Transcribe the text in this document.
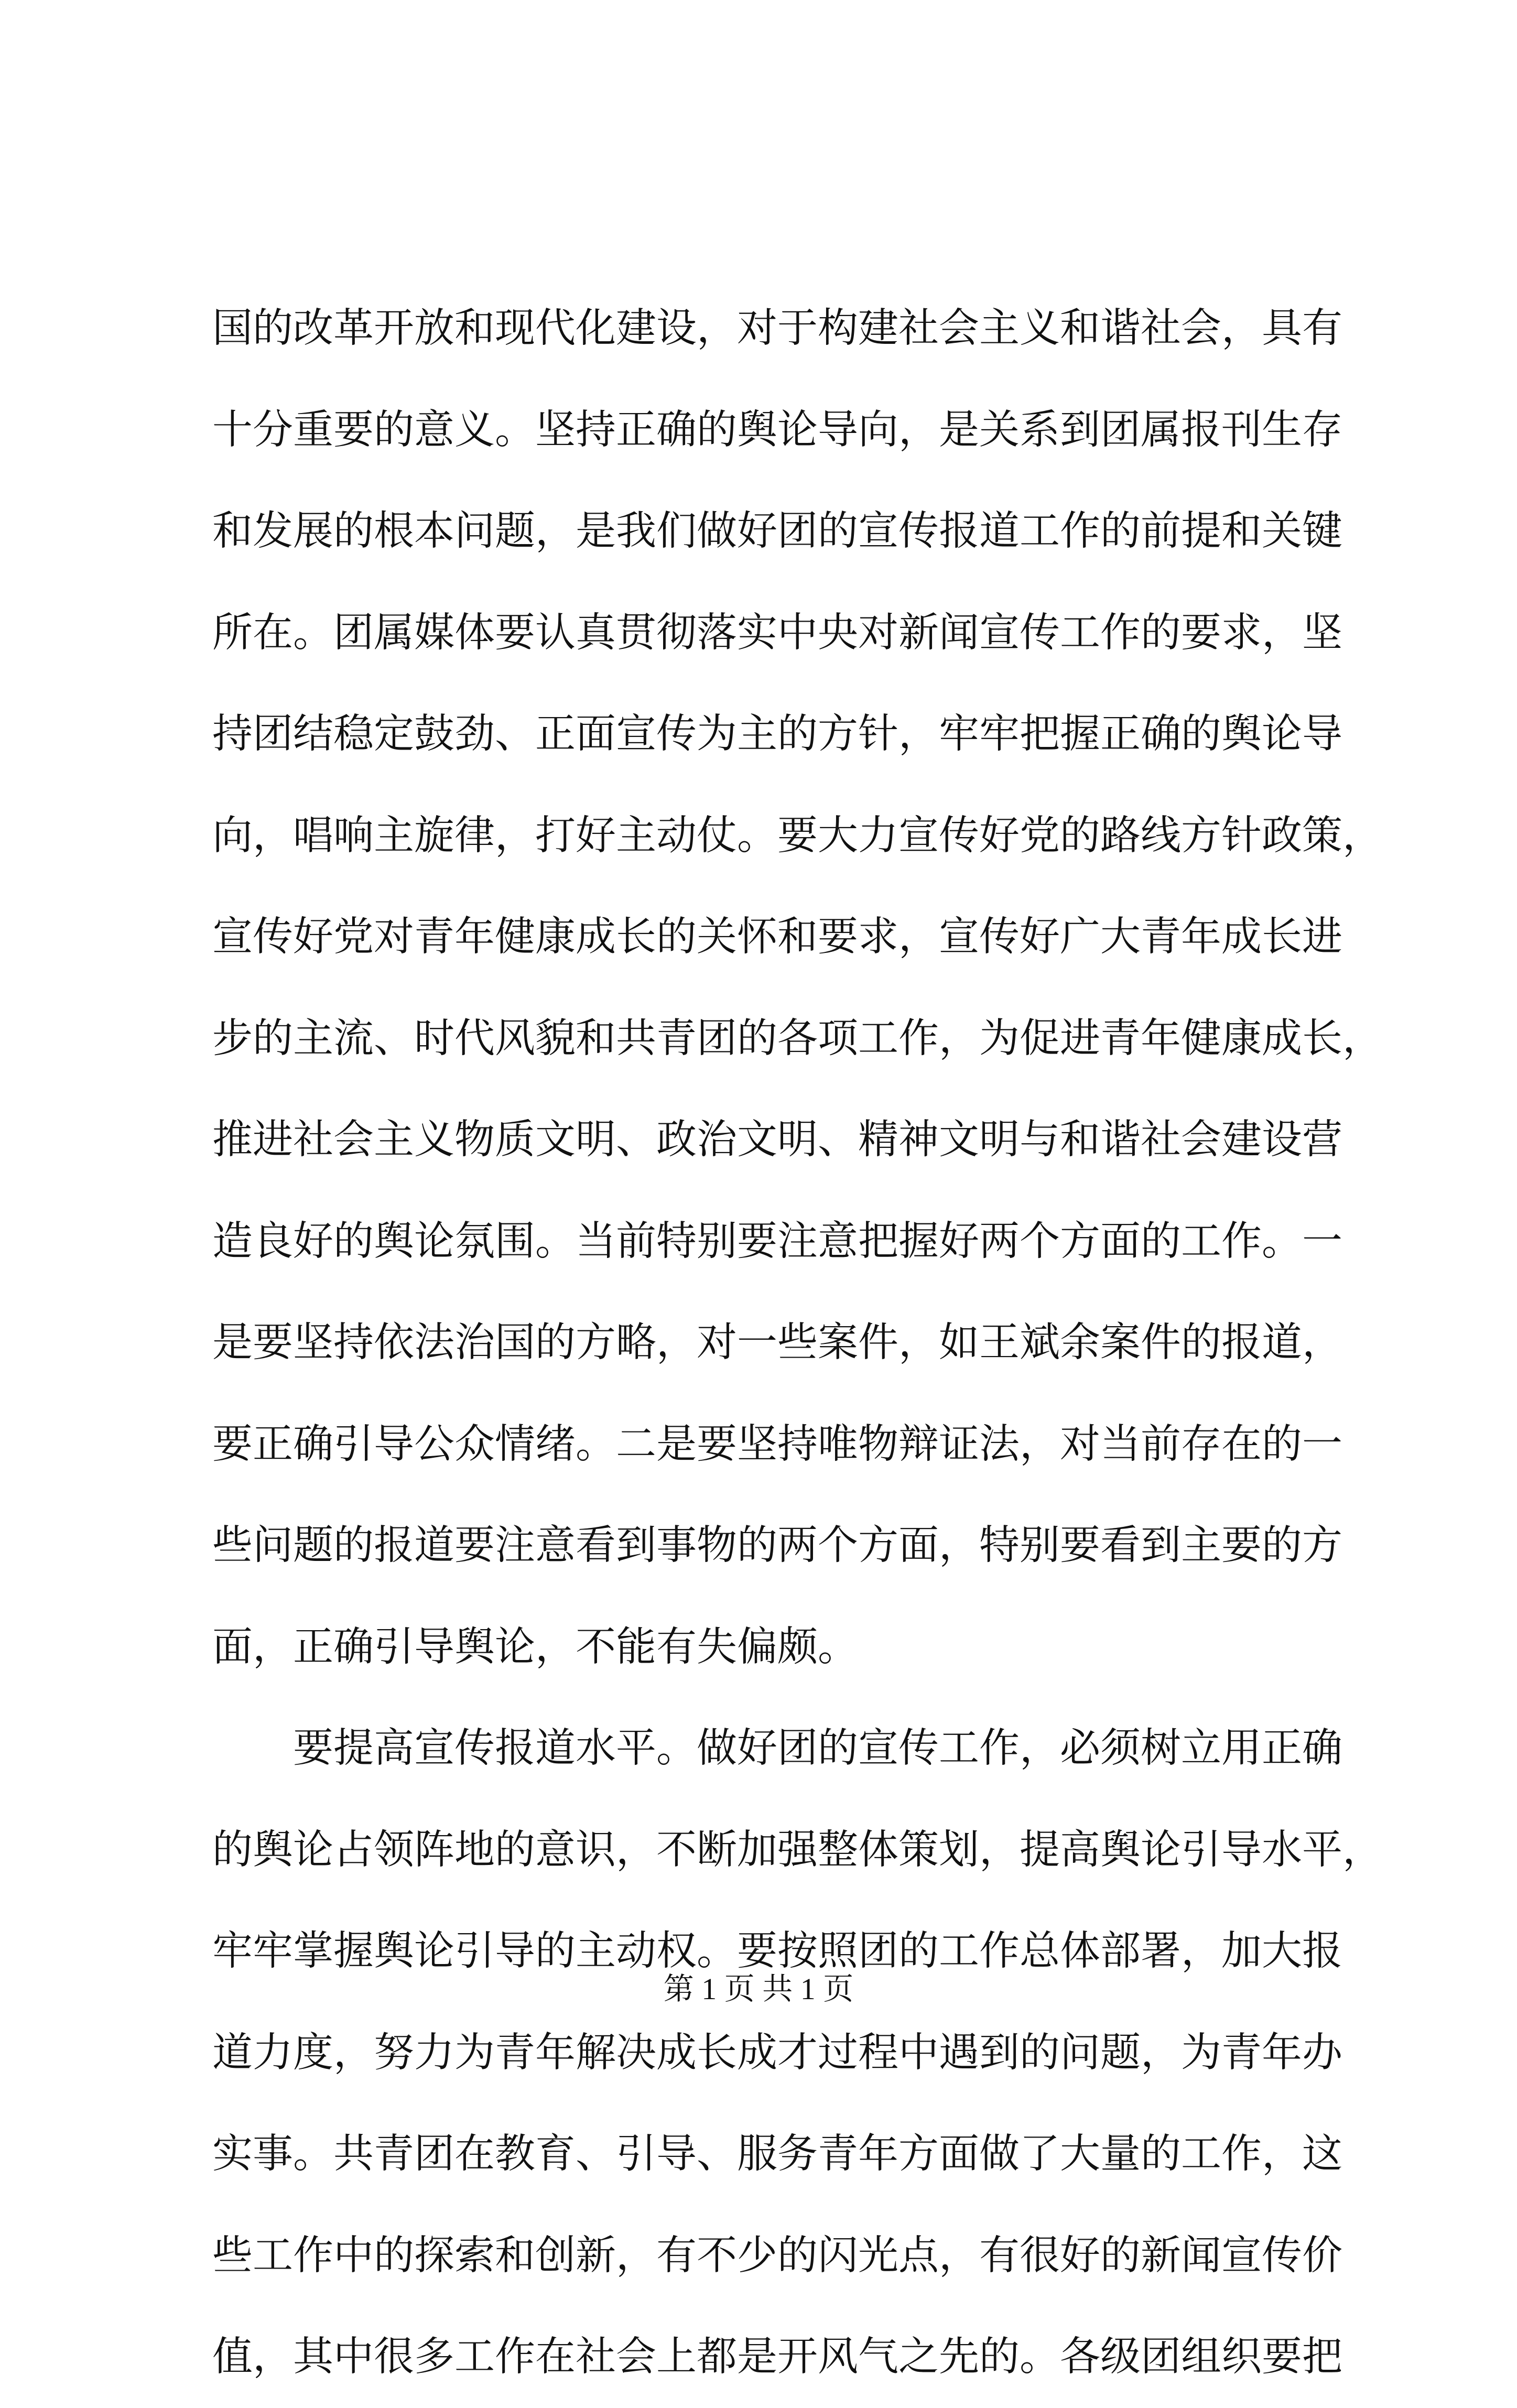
国的改革开放和现代化建设，对于构建社会主义和谐社会，具有
十分重要的意义。坚持正确的舆论导向，是关系到团属报刊生存
和发展的根本问题，是我们做好团的宣传报道工作的前提和关键
所在。团属媒体要认真贯彻落实中央对新闻宣传工作的要求，坚
持团结稳定鼓劲、正面宣传为主的方针，牢牢把握正确的舆论导
向，唱响主旋律，打好主动仗。要大力宣传好党的路线方针政策，
宣传好党对青年健康成长的关怀和要求，宣传好广大青年成长进
步的主流、时代风貌和共青团的各项工作，为促进青年健康成长，
推进社会主义物质文明、政治文明、精神文明与和谐社会建设营
造良好的舆论氛围。当前特别要注意把握好两个方面的工作。一
是要坚持依法治国的方略，对一些案件，如王斌余案件的报道，
要正确引导公众情绪。二是要坚持唯物辩证法，对当前存在的一
些问题的报道要注意看到事物的两个方面，特别要看到主要的方
面，正确引导舆论，不能有失偏颇。
要提高宣传报道水平。做好团的宣传工作，必须树立用正确
的舆论占领阵地的意识，不断加强整体策划，提高舆论引导水平，
牢牢掌握舆论引导的主动权。要按照团的工作总体部署，加大报
道力度，努力为青年解决成长成才过程中遇到的问题，为青年办
实事。共青团在教育、引导、服务青年方面做了大量的工作，这
些工作中的探索和创新，有不少的闪光点，有很好的新闻宣传价
值，其中很多工作在社会上都是开风气之先的。各级团组织要把
第 1 页 共 1 页
